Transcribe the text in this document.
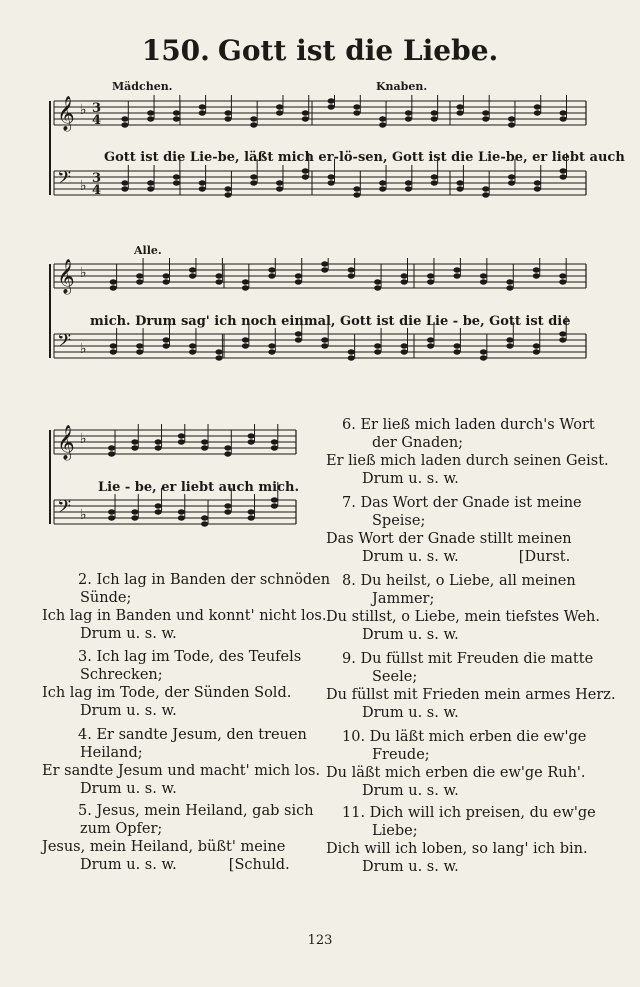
150. Gott ist die Liebe.
Mädchen.	Knaben.
𝄞 ♭ 3
4
𝄢 ♭ 3
4
Gott ist die Lie-be, läßt mich er-lö-sen, Gott ist die Lie-be, er liebt auch
Alle.
𝄞 ♭
𝄢 ♭
mich. Drum sag' ich noch einmal, Gott ist die Lie - be, Gott ist die
𝄞 ♭
𝄢 ♭
Lie - be, er liebt auch mich.
2. Ich lag in Banden der schnöden
Sünde;
Ich lag in Banden und konnt' nicht los.
Drum u. s. w.
3. Ich lag im Tode, des Teufels
Schrecken;
Ich lag im Tode, der Sünden Sold.
Drum u. s. w.
4. Er sandte Jesum, den treuen
Heiland;
Er sandte Jesum und macht' mich los.
Drum u. s. w.
5. Jesus, mein Heiland, gab sich
zum Opfer;
Jesus, mein Heiland, büßt' meine
Drum u. s. w.	[Schuld.
6. Er ließ mich laden durch's Wort
der Gnaden;
Er ließ mich laden durch seinen Geist.
Drum u. s. w.
7. Das Wort der Gnade ist meine
Speise;
Das Wort der Gnade stillt meinen
Drum u. s. w.	[Durst.
8. Du heilst, o Liebe, all meinen
Jammer;
Du stillst, o Liebe, mein tiefstes Weh.
Drum u. s. w.
9. Du füllst mit Freuden die matte
Seele;
Du füllst mit Frieden mein armes Herz.
Drum u. s. w.
10. Du läßt mich erben die ew'ge
Freude;
Du läßt mich erben die ew'ge Ruh'.
Drum u. s. w.
11. Dich will ich preisen, du ew'ge
Liebe;
Dich will ich loben, so lang' ich bin.
Drum u. s. w.
123
